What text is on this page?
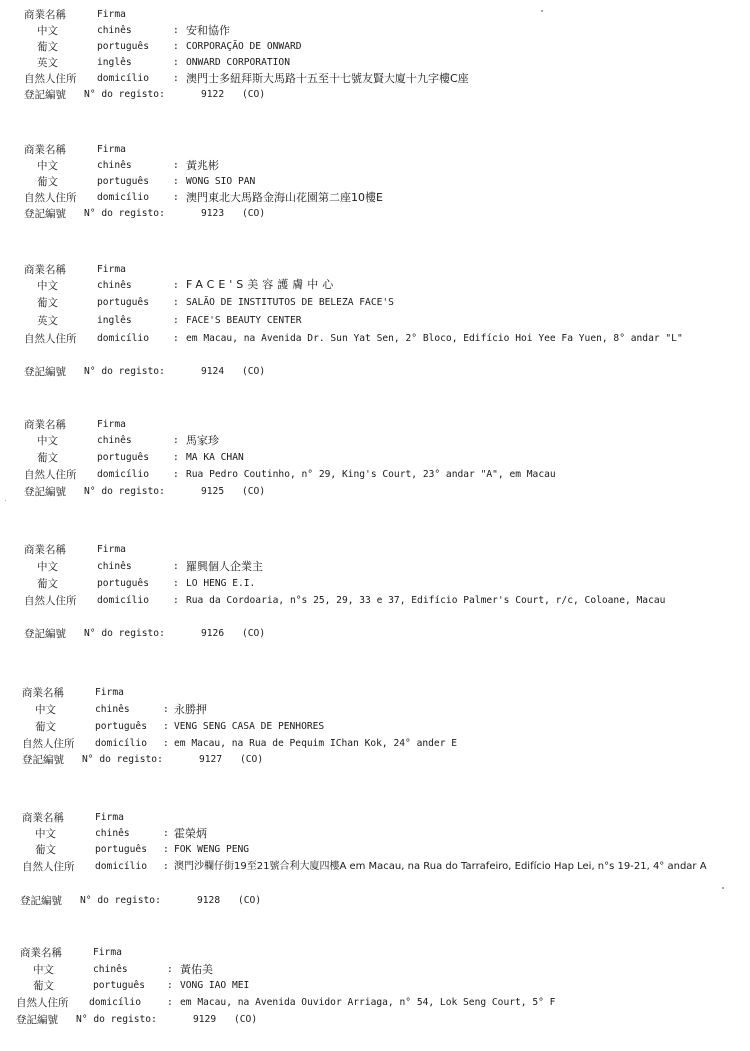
商業名稱	Firma
中文	chinês	: 安和協作
葡文	português	: CORPORAÇÃO DE ONWARD
英文	inglês	: ONWARD CORPORATION
自然人住所 domicílio	: 澳門士多紐拜斯大馬路十五至十七號友賢大廈十九字樓C座
登記編號 N° do registo:	9122 (CO)
商業名稱	Firma
中文	chinês	: 黃兆彬
葡文	português	: WONG SIO PAN
自然人住所 domicílio	: 澳門東北大馬路金海山花園第二座10樓E
登記編號 N° do registo:	9123 (CO)
商業名稱	Firma
中文	chinês	: FACE'S美容護膚中心
葡文	português	: SALÃO DE INSTITUTOS DE BELEZA FACE'S
英文	inglês	: FACE'S BEAUTY CENTER
自然人住所 domicílio	: em Macau, na Avenida Dr. Sun Yat Sen, 2° Bloco, Edifício Hoi Yee Fa Yuen, 8° andar "L"
登記編號 N° do registo:	9124 (CO)
商業名稱	Firma
中文	chinês	: 馬家珍
葡文	português	: MA KA CHAN
自然人住所 domicílio	: Rua Pedro Coutinho, n° 29, King's Court, 23° andar "A", em Macau
登記編號 N° do registo:	9125 (CO)
商業名稱	Firma
中文	chinês	: 羅興個人企業主
葡文	português	: LO HENG E.I.
自然人住所 domicílio	: Rua da Cordoaria, n°s 25, 29, 33 e 37, Edifício Palmer's Court, r/c, Coloane, Macau
登記編號 N° do registo:	9126 (CO)
商業名稱	Firma
中文	chinês	: 永勝押
葡文	português : VENG SENG CASA DE PENHORES
自然人住所 domicílio : em Macau, na Rua de Pequim IChan Kok, 24° ander E
登記編號 N° do registo:	9127 (CO)
商業名稱	Firma
中文	chinês	: 霍榮炳
葡文	português : FOK WENG PENG
自然人住所 domicílio : 澳門沙欄仔街19至21號合利大廈四樓A em Macau, na Rua do Tarrafeiro, Edifício Hap Lei, n°s 19-21, 4° andar A
登記編號 N° do registo:	9128 (CO)
商業名稱	Firma
中文	chinês	: 黃佑美
葡文	português : VONG IAO MEI
自然人住所 domicílio	: em Macau, na Avenida Ouvidor Arriaga, n° 54, Lok Seng Court, 5° F
登記編號 N° do registo:	9129 (CO)
